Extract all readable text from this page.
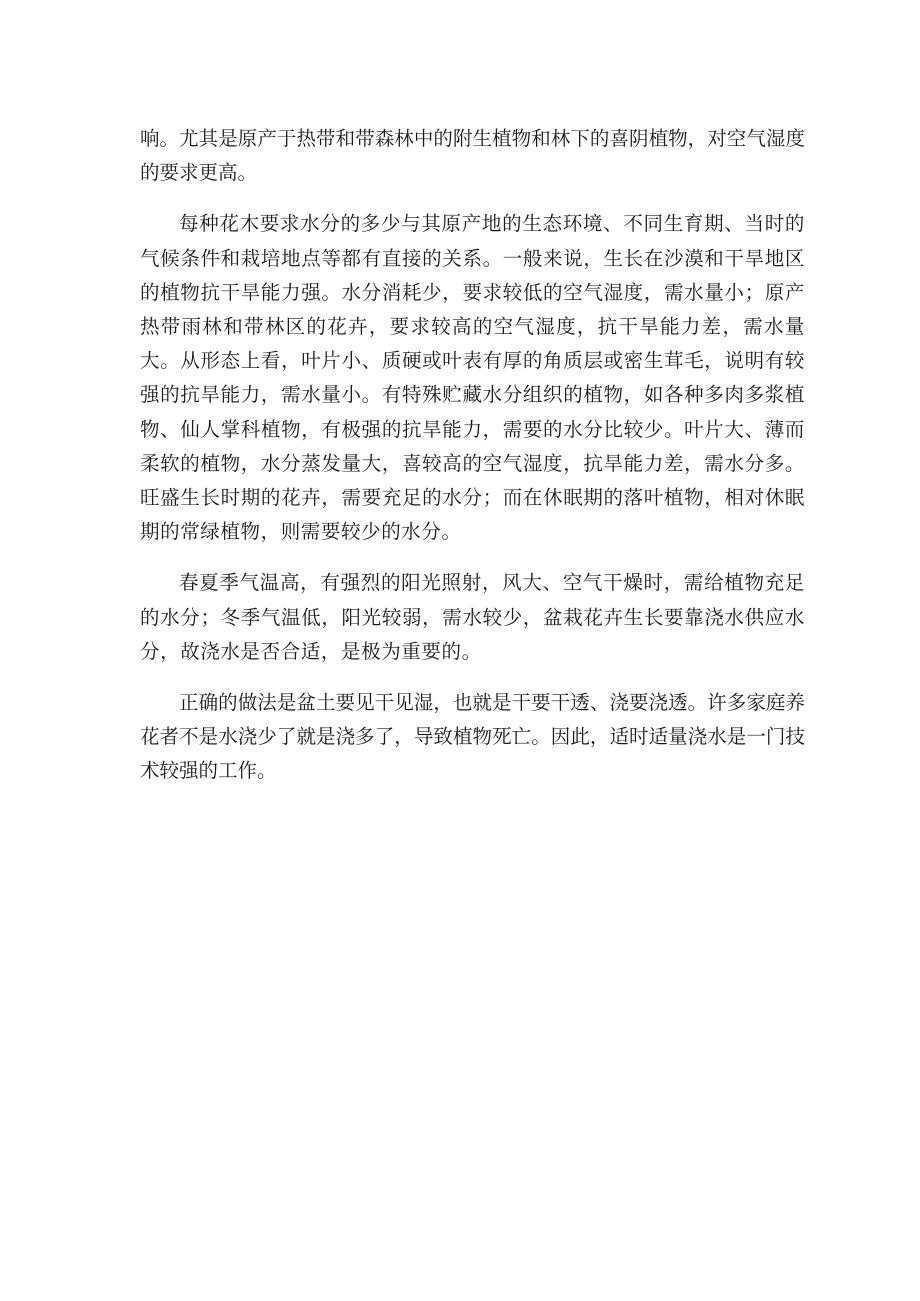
响。尤其是原产于热带和带森林中的附生植物和林下的喜阴植物，对空气湿度的要求更高。

每种花木要求水分的多少与其原产地的生态环境、不同生育期、当时的气候条件和栽培地点等都有直接的关系。一般来说，生长在沙漠和干旱地区的植物抗干旱能力强。水分消耗少，要求较低的空气湿度，需水量小；原产热带雨林和带林区的花卉，要求较高的空气湿度，抗干旱能力差，需水量大。从形态上看，叶片小、质硬或叶表有厚的角质层或密生茸毛，说明有较强的抗旱能力，需水量小。有特殊贮藏水分组织的植物，如各种多肉多浆植物、仙人掌科植物，有极强的抗旱能力，需要的水分比较少。叶片大、薄而柔软的植物，水分蒸发量大，喜较高的空气湿度，抗旱能力差，需水分多。旺盛生长时期的花卉，需要充足的水分；而在休眠期的落叶植物，相对休眠期的常绿植物，则需要较少的水分。

春夏季气温高，有强烈的阳光照射，风大、空气干燥时，需给植物充足的水分；冬季气温低，阳光较弱，需水较少，盆栽花卉生长要靠浇水供应水分，故浇水是否合适，是极为重要的。

正确的做法是盆土要见干见湿，也就是干要干透、浇要浇透。许多家庭养花者不是水浇少了就是浇多了，导致植物死亡。因此，适时适量浇水是一门技术较强的工作。
